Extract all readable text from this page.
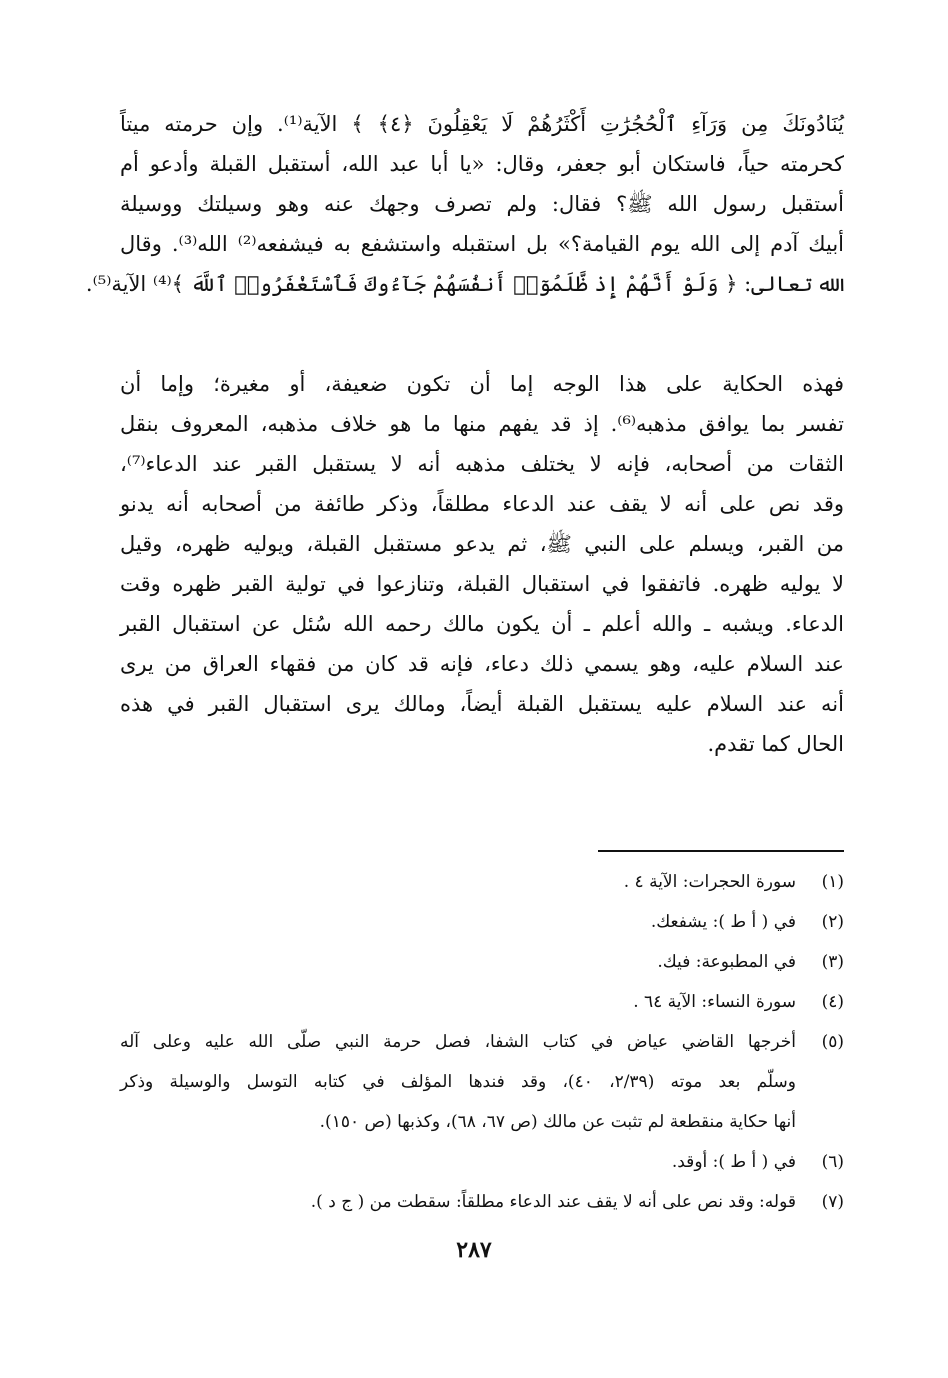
يُنَادُونَكَ مِن وَرَآءِ ٱلْحُجُرَٰتِ أَكْثَرُهُمْ لَا يَعْقِلُونَ ﴿٤﴾ ﴾ الآية⁽¹⁾. وإن حرمته ميتاً
كحرمته حياً، فاستكان أبو جعفر، وقال: «يا أبا عبد الله، أستقبل القبلة وأدعو أم
أستقبل رسول الله ﷺ؟ فقال: ولم تصرف وجهك عنه وهو وسيلتك ووسيلة
أبيك آدم إلى الله يوم القيامة؟» بل استقبله واستشفع به فيشفعه⁽²⁾ الله⁽³⁾. وقال
الله تعالى: ﴿ وَلَوْ أَنَّهُمْ إِذ ظَّلَمُوٓا۟ أَنفُسَهُمْ جَآءُوكَ فَٱسْتَغْفَرُوا۟ ٱللَّهَ ﴾⁽⁴⁾ الآية⁽⁵⁾.
فهذه الحكاية على هذا الوجه إما أن تكون ضعيفة، أو مغيرة؛ وإما أن
تفسر بما يوافق مذهبه⁽⁶⁾. إذ قد يفهم منها ما هو خلاف مذهبه، المعروف بنقل
الثقات من أصحابه، فإنه لا يختلف مذهبه أنه لا يستقبل القبر عند الدعاء⁽⁷⁾،
وقد نص على أنه لا يقف عند الدعاء مطلقاً، وذكر طائفة من أصحابه أنه يدنو
من القبر، ويسلم على النبي ﷺ، ثم يدعو مستقبل القبلة، ويوليه ظهره، وقيل
لا يوليه ظهره. فاتفقوا في استقبال القبلة، وتنازعوا في تولية القبر ظهره وقت
الدعاء. ويشبه ـ والله أعلم ـ أن يكون مالك رحمه الله سُئل عن استقبال القبر
عند السلام عليه، وهو يسمي ذلك دعاء، فإنه قد كان من فقهاء العراق من يرى
أنه عند السلام عليه يستقبل القبلة أيضاً، ومالك يرى استقبال القبر في هذه
الحال كما تقدم.
(١)
سورة الحجرات: الآية ٤ .
(٢)
في ( أ ط ): يشفعك.
(٣)
في المطبوعة: فيك.
(٤)
سورة النساء: الآية ٦٤ .
(٥)
أخرجها القاضي عياض في كتاب الشفا، فصل حرمة النبي صلّى الله عليه وعلى آله
وسلّم بعد موته (٢/٣٩، ٤٠)، وقد فندها المؤلف في كتابه التوسل والوسيلة وذكر
أنها حكاية منقطعة لم تثبت عن مالك (ص ٦٧، ٦٨)، وكذبها (ص ١٥٠).
(٦)
في ( أ ط ): أوقد.
(٧)
قوله: وقد نص على أنه لا يقف عند الدعاء مطلقاً: سقطت من ( ج د ).
٢٨٧
